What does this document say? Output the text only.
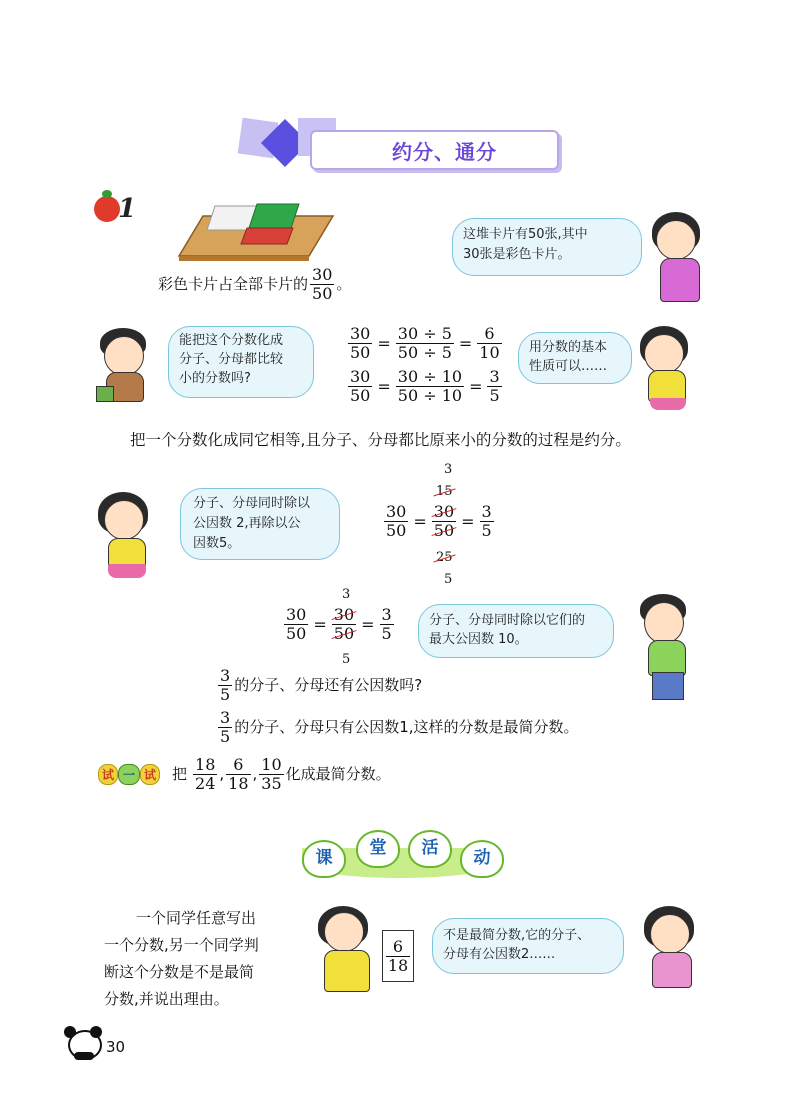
约分、通分
1
彩色卡片占全部卡片的 $\frac{30}{50}$ 。
这堆卡片有50张,其中
30张是彩色卡片。
能把这个分数化成
分子、分母都比较
小的分数吗?
$\frac{30}{50} = \frac{30 \div 5}{50 \div 5} = \frac{6}{10}$
$\frac{30}{50} = \frac{30 \div 10}{50 \div 10} = \frac{3}{5}$
用分数的基本
性质可以……
把一个分数化成同它相等,且分子、分母都比原来小的分数的过程是约分。
分子、分母同时除以
公因数 2,再除以公
因数5。
3
15
$\frac{30}{50} = \frac{30}{50} = \frac{3}{5}$
25
5
3
$\frac{30}{50} = \frac{30}{50} = \frac{3}{5}$
5
分子、分母同时除以它们的
最大公因数 10。
$\frac{3}{5}$ 的分子、分母还有公因数吗?
$\frac{3}{5}$ 的分子、分母只有公因数1,这样的分数是最简分数。
试 一 试 把 $\frac{18}{24}$ , $\frac{6}{18}$ , $\frac{10}{35}$ 化成最简分数。
课	堂	活	动
一个同学任意写出
一个分数,另一个同学判
断这个分数是不是最简
分数,并说出理由。
$\frac{6}{18}$
不是最简分数,它的分子、
分母有公因数2……
30
